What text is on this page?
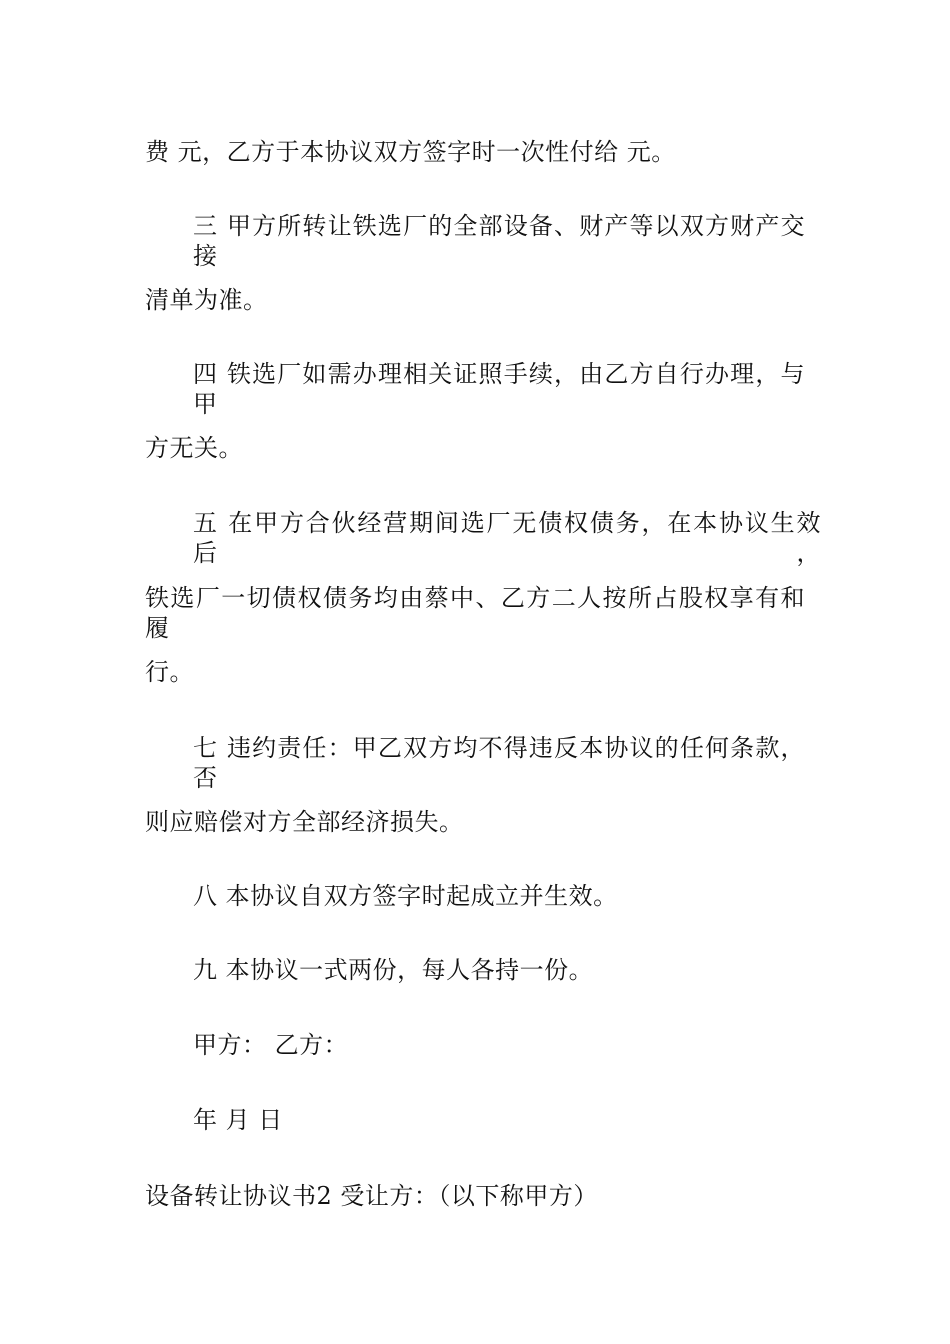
费 元，乙方于本协议双方签字时一次性付给 元。
三 甲方所转让铁选厂的全部设备、财产等以双方财产交接
清单为准。
四 铁选厂如需办理相关证照手续，由乙方自行办理，与甲
方无关。
五 在甲方合伙经营期间选厂无债权债务，在本协议生效后，
铁选厂一切债权债务均由蔡中、乙方二人按所占股权享有和履
行。
七 违约责任：甲乙双方均不得违反本协议的任何条款，否
则应赔偿对方全部经济损失。
八 本协议自双方签字时起成立并生效。
九 本协议一式两份，每人各持一份。
甲方： 乙方：
年 月 日
设备转让协议书2 受让方：（以下称甲方）
